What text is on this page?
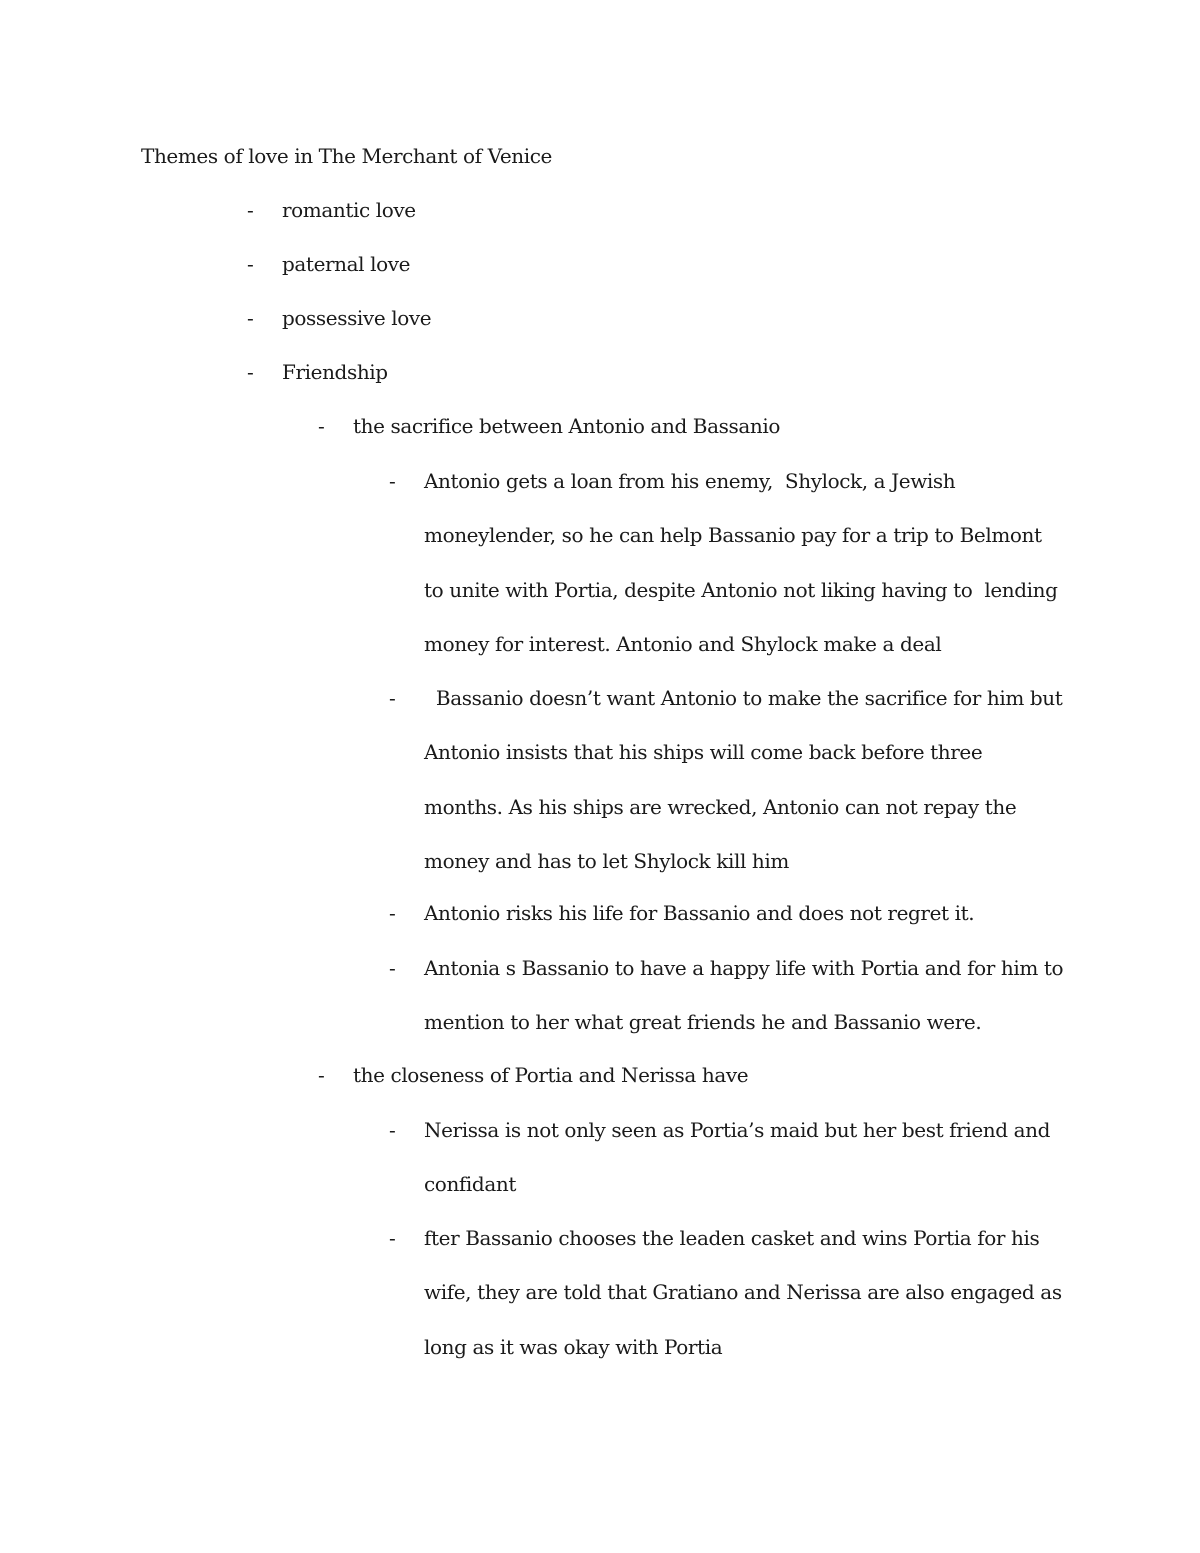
Themes of love in The Merchant of Venice
- romantic love
- paternal love
- possessive love
- Friendship
- the sacrifice between Antonio and Bassanio
- Antonio gets a loan from his enemy,  Shylock, a Jewish moneylender, so he can help Bassanio pay for a trip to Belmont to unite with Portia, despite Antonio not liking having to  lending money for interest. Antonio and Shylock make a deal
- Bassanio doesn’t want Antonio to make the sacrifice for him but Antonio insists that his ships will come back before three months. As his ships are wrecked, Antonio can not repay the money and has to let Shylock kill him
- Antonio risks his life for Bassanio and does not regret it.
- Antonia s Bassanio to have a happy life with Portia and for him to mention to her what great friends he and Bassanio were.
- the closeness of Portia and Nerissa have
- Nerissa is not only seen as Portia’s maid but her best friend and confidant
- fter Bassanio chooses the leaden casket and wins Portia for his wife, they are told that Gratiano and Nerissa are also engaged as long as it was okay with Portia
